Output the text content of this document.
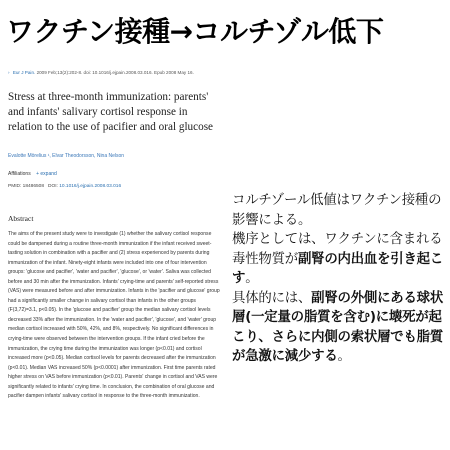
ワクチン接種→コルチゾル低下
› Eur J Pain. 2009 Feb;13(2):202-8. doi: 10.1016/j.ejpain.2008.03.016. Epub 2008 May 16.
Stress at three-month immunization: parents' and infants' salivary cortisol response in relation to the use of pacifier and oral glucose
Evalotte Mörelius ¹, Elvar Theodorsson, Nina Nelson
Affiliations + expand
PMID: 18486508 DOI: 10.1016/j.ejpain.2008.03.016
Abstract
The aims of the present study were to investigate (1) whether the salivary cortisol response could be dampened during a routine three-month immunization if the infant received sweet-tasting solution in combination with a pacifier and (2) stress experienced by parents during immunization of the infant. Ninety-eight infants were included into one of four intervention groups: 'glucose and pacifier', 'water and pacifier', 'glucose', or 'water'. Saliva was collected before and 30 min after the immunization. Infants' crying-time and parents' self-reported stress (VAS) were measured before and after immunization. Infants in the 'pacifier and glucose' group had a significantly smaller change in salivary cortisol than infants in the other groups (F(3,72)=3.1, p<0.05). In the 'glucose and pacifier' group the median salivary cortisol levels decreased 33% after the immunization. In the 'water and pacifier', 'glucose', and 'water' group median cortisol increased with 50%, 42%, and 8%, respectively. No significant differences in crying-time were observed between the intervention groups. If the infant cried before the immunization, the crying time during the immunization was longer (p<0.01) and cortisol increased more (p<0.05). Median cortisol levels for parents decreased after the immunization (p<0.01). Median VAS increased 50% (p<0.0001) after immunization. First time parents rated higher stress on VAS before immunization (p<0.01). Parents' change in cortisol and VAS were significantly related to infants' crying time. In conclusion, the combination of oral glucose and pacifier dampen infants' salivary cortisol in response to the three-month immunization.
コルチゾール低値はワクチン接種の影響による。
機序としては、ワクチンに含まれる毒性物質が副腎の内出血を引き起こす。
具体的には、副腎の外側にある球状層(一定量の脂質を含む)に壊死が起こり、さらに内側の索状層でも脂質が急激に減少する。
